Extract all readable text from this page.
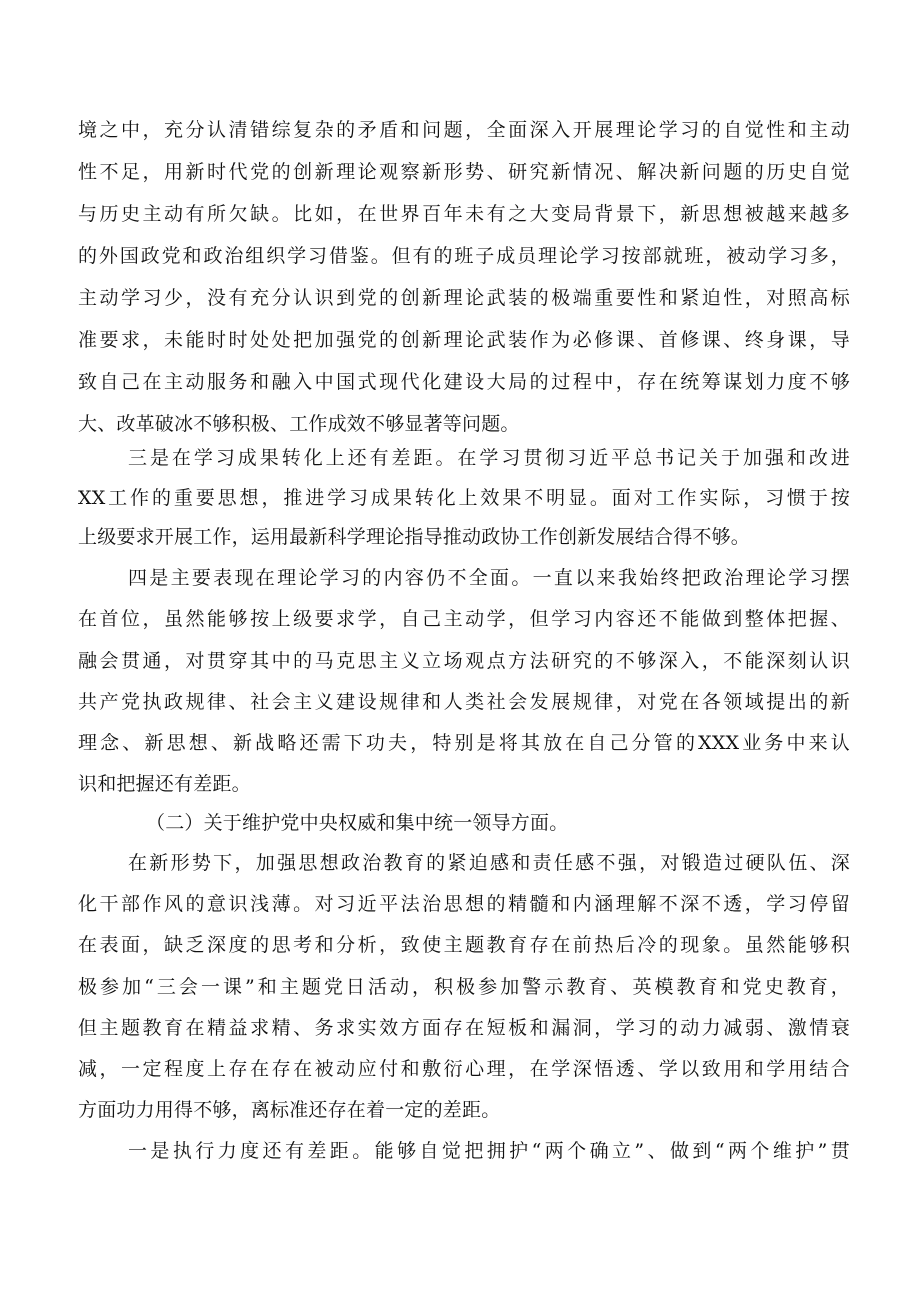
境之中，充分认清错综复杂的矛盾和问题，全面深入开展理论学习的自觉性和主动
性不足，用新时代党的创新理论观察新形势、研究新情况、解决新问题的历史自觉
与历史主动有所欠缺。比如，在世界百年未有之大变局背景下，新思想被越来越多
的外国政党和政治组织学习借鉴。但有的班子成员理论学习按部就班，被动学习多，
主动学习少，没有充分认识到党的创新理论武装的极端重要性和紧迫性，对照高标
准要求，未能时时处处把加强党的创新理论武装作为必修课、首修课、终身课，导
致自己在主动服务和融入中国式现代化建设大局的过程中，存在统筹谋划力度不够
大、改革破冰不够积极、工作成效不够显著等问题。
三是在学习成果转化上还有差距。在学习贯彻习近平总书记关于加强和改进
XX工作的重要思想，推进学习成果转化上效果不明显。面对工作实际，习惯于按
上级要求开展工作，运用最新科学理论指导推动政协工作创新发展结合得不够。
四是主要表现在理论学习的内容仍不全面。一直以来我始终把政治理论学习摆
在首位，虽然能够按上级要求学，自己主动学，但学习内容还不能做到整体把握、
融会贯通，对贯穿其中的马克思主义立场观点方法研究的不够深入，不能深刻认识
共产党执政规律、社会主义建设规律和人类社会发展规律，对党在各领域提出的新
理念、新思想、新战略还需下功夫，特别是将其放在自己分管的XXX业务中来认
识和把握还有差距。
（二）关于维护党中央权威和集中统一领导方面。
在新形势下，加强思想政治教育的紧迫感和责任感不强，对锻造过硬队伍、深
化干部作风的意识浅薄。对习近平法治思想的精髓和内涵理解不深不透，学习停留
在表面，缺乏深度的思考和分析，致使主题教育存在前热后冷的现象。虽然能够积
极参加“三会一课”和主题党日活动，积极参加警示教育、英模教育和党史教育，
但主题教育在精益求精、务求实效方面存在短板和漏洞，学习的动力减弱、激情衰
减，一定程度上存在存在被动应付和敷衍心理，在学深悟透、学以致用和学用结合
方面功力用得不够，离标准还存在着一定的差距。
一是执行力度还有差距。能够自觉把拥护“两个确立”、做到“两个维护”贯
